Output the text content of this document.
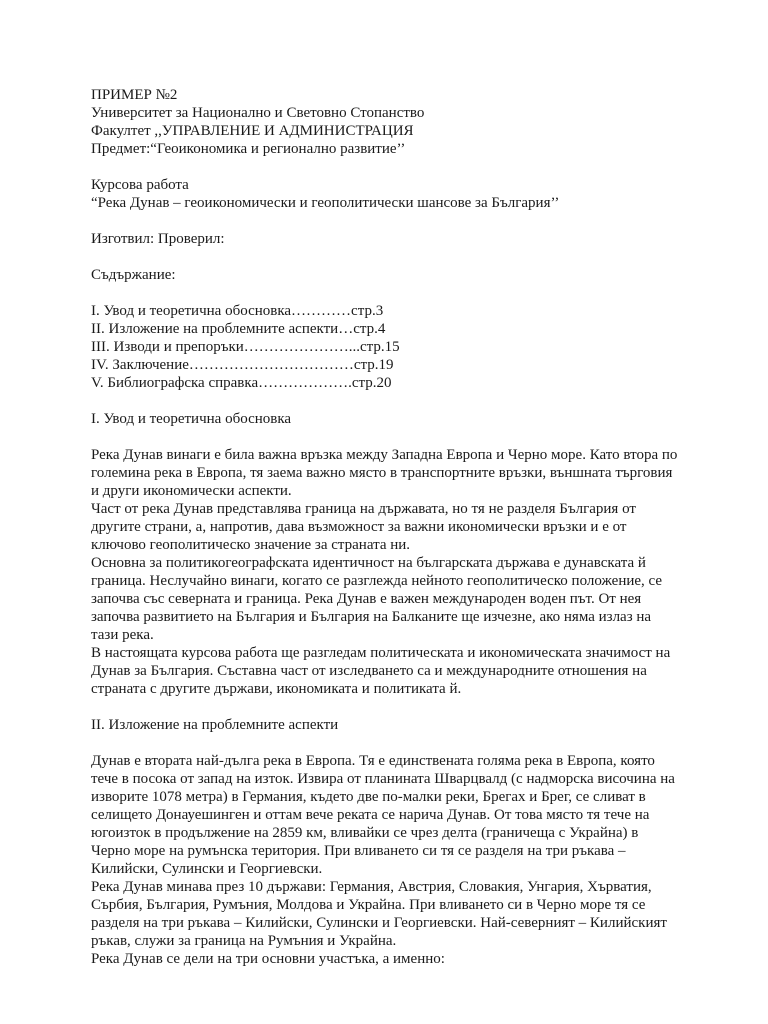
ПРИМЕР №2
Университет за Национално и Световно Стопанство
Факултет ,,УПРАВЛЕНИЕ И АДМИНИСТРАЦИЯ
Предмет:“Геоикономика и регионално развитие’’
Курсова работа
“Река Дунав – геоикономически и геополитически шансове за България’’
Изготвил: Проверил:
Съдържание:
I. Увод и теоретична обосновка…………стр.3
II. Изложение на проблемните аспекти…стр.4
III. Изводи и препоръки…………………...стр.15
IV. Заключение……………………………стр.19
V. Библиографска справка……………….стр.20
I. Увод и теоретична обосновка
Река Дунав винаги е била важна връзка между Западна Европа и Черно море. Като втора по
големина река в Европа, тя заема важно място в транспортните връзки, външната търговия
и други икономически аспекти.
Част от река Дунав представлява граница на държавата, но тя не разделя България от
другите страни, а, напротив, дава възможност за важни икономически връзки и е от
ключово геополитическо значение за страната ни.
Основна за политикогеографската идентичност на българската държава е дунавската й
граница. Неслучайно винаги, когато се разглежда нейното геополитическо положение, се
започва със северната и граница. Река Дунав е важен международен воден път. От нея
започва развитието на България и България на Балканите ще изчезне, ако няма излаз на
тази река.
В настоящата курсова работа ще разгледам политическата и икономическата значимост на
Дунав за България. Съставна част от изследването са и международните отношения на
страната с другите държави, икономиката и политиката й.
II. Изложение на проблемните аспекти
Дунав е втората най-дълга река в Европа. Тя е единствената голяма река в Европа, която
тече в посока от запад на изток. Извира от планината Шварцвалд (с надморска височина на
изворите 1078 метра) в Германия, където две по-малки реки, Брегах и Брег, се сливат в
селището Донауешинген и оттам вече реката се нарича Дунав. От това място тя тече на
югоизток в продължение на 2859 км, вливайки се чрез делта (граничеща с Украйна) в
Черно море на румънска територия. При вливането си тя се разделя на три ръкава –
Килийски, Сулински и Георгиевски.
Река Дунав минава през 10 държави: Германия, Австрия, Словакия, Унгария, Хърватия,
Сърбия, България, Румъния, Молдова и Украйна. При вливането си в Черно море тя се
разделя на три ръкава – Килийски, Сулински и Георгиевски. Най-северният – Килийският
ръкав, служи за граница на Румъния и Украйна.
Река Дунав се дели на три основни участъка, а именно:
